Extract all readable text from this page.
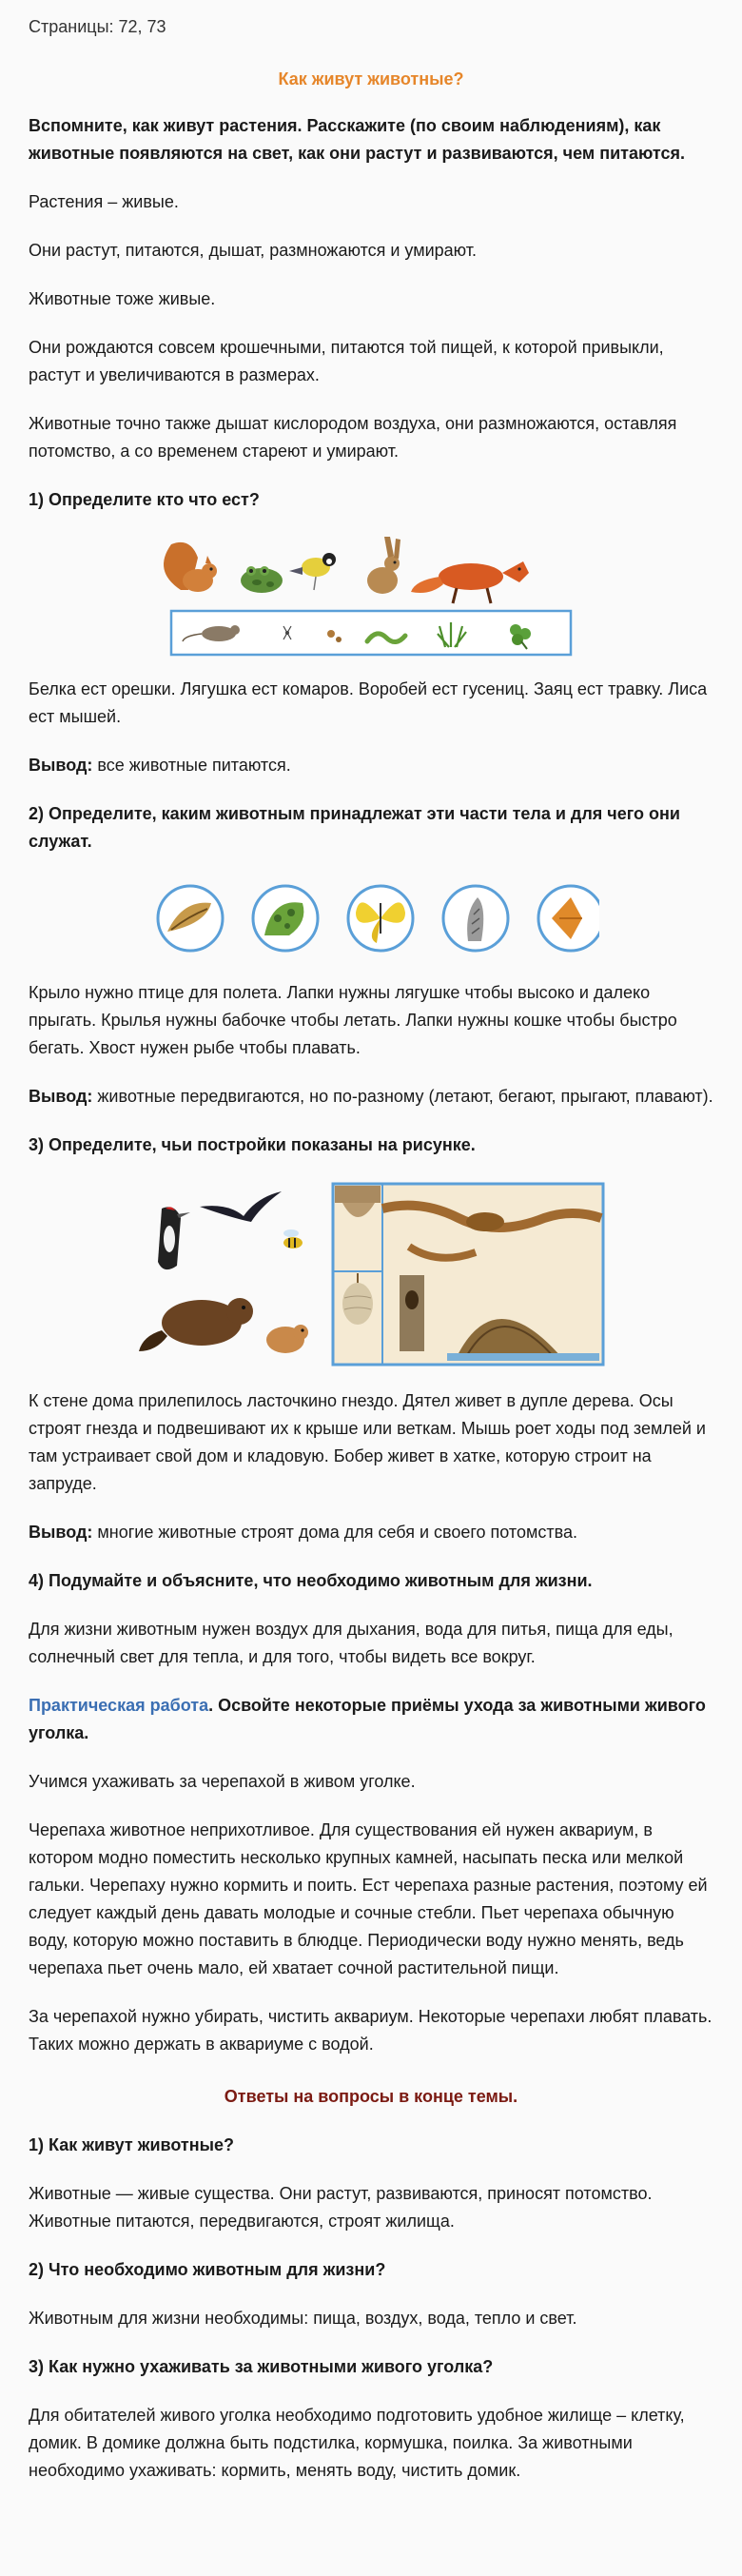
Страницы: 72, 73

Как живут животные?

Вспомните, как живут растения. Расскажите (по своим наблюдениям), как животные появляются на свет, как они растут и развиваются, чем питаются.

Растения – живые.

Они растут, питаются, дышат, размножаются и умирают.

Животные тоже живые.

Они рождаются совсем крошечными, питаются той пищей, к которой привыкли, растут и увеличиваются в размерах.

Животные точно также дышат кислородом воздуха, они размножаются, оставляя потомство, а со временем стареют и умирают.

1) Определите кто что ест?

Белка ест орешки. Лягушка ест комаров. Воробей ест гусениц. Заяц ест травку. Лиса ест мышей.

Вывод: все животные питаются.

2) Определите, каким животным принадлежат эти части тела и для чего они служат.

Крыло нужно птице для полета. Лапки нужны лягушке чтобы высоко и далеко прыгать. Крылья нужны бабочке чтобы летать. Лапки нужны кошке чтобы быстро бегать. Хвост нужен рыбе чтобы плавать.

Вывод: животные передвигаются, но по-разному (летают, бегают, прыгают, плавают).

3) Определите, чьи постройки показаны на рисунке.

К стене дома прилепилось ласточкино гнездо. Дятел живет в дупле дерева. Осы строят гнезда и подвешивают их к крыше или веткам. Мышь роет ходы под землей и там устраивает свой дом и кладовую. Бобер живет в хатке, которую строит на запруде.

Вывод: многие животные строят дома для себя и своего потомства.

4) Подумайте и объясните, что необходимо животным для жизни.

Для жизни животным нужен воздух для дыхания, вода для питья, пища для еды, солнечный свет для тепла, и для того, чтобы видеть все вокруг.

Практическая работа. Освойте некоторые приёмы ухода за животными живого уголка.

Учимся ухаживать за черепахой в живом уголке.

Черепаха животное неприхотливое. Для существования ей нужен аквариум, в котором модно поместить несколько крупных камней, насыпать песка или мелкой гальки. Черепаху нужно кормить и поить. Ест черепаха разные растения, поэтому ей следует каждый день давать молодые и сочные стебли. Пьет черепаха обычную воду, которую можно поставить в блюдце. Периодически воду нужно менять, ведь черепаха пьет очень мало, ей хватает сочной растительной пищи.

За черепахой нужно убирать, чистить аквариум. Некоторые черепахи любят плавать. Таких можно держать в аквариуме с водой.

Ответы на вопросы в конце темы.

1) Как живут животные?

Животные — живые существа. Они растут, развиваются, приносят потомство. Животные питаются, передвигаются, строят жилища.

2) Что необходимо животным для жизни?

Животным для жизни необходимы: пища, воздух, вода, тепло и свет.

3) Как нужно ухаживать за животными живого уголка?

Для обитателей живого уголка необходимо подготовить удобное жилище – клетку, домик. В домике должна быть подстилка, кормушка, поилка. За животными необходимо ухаживать: кормить, менять воду, чистить домик.
